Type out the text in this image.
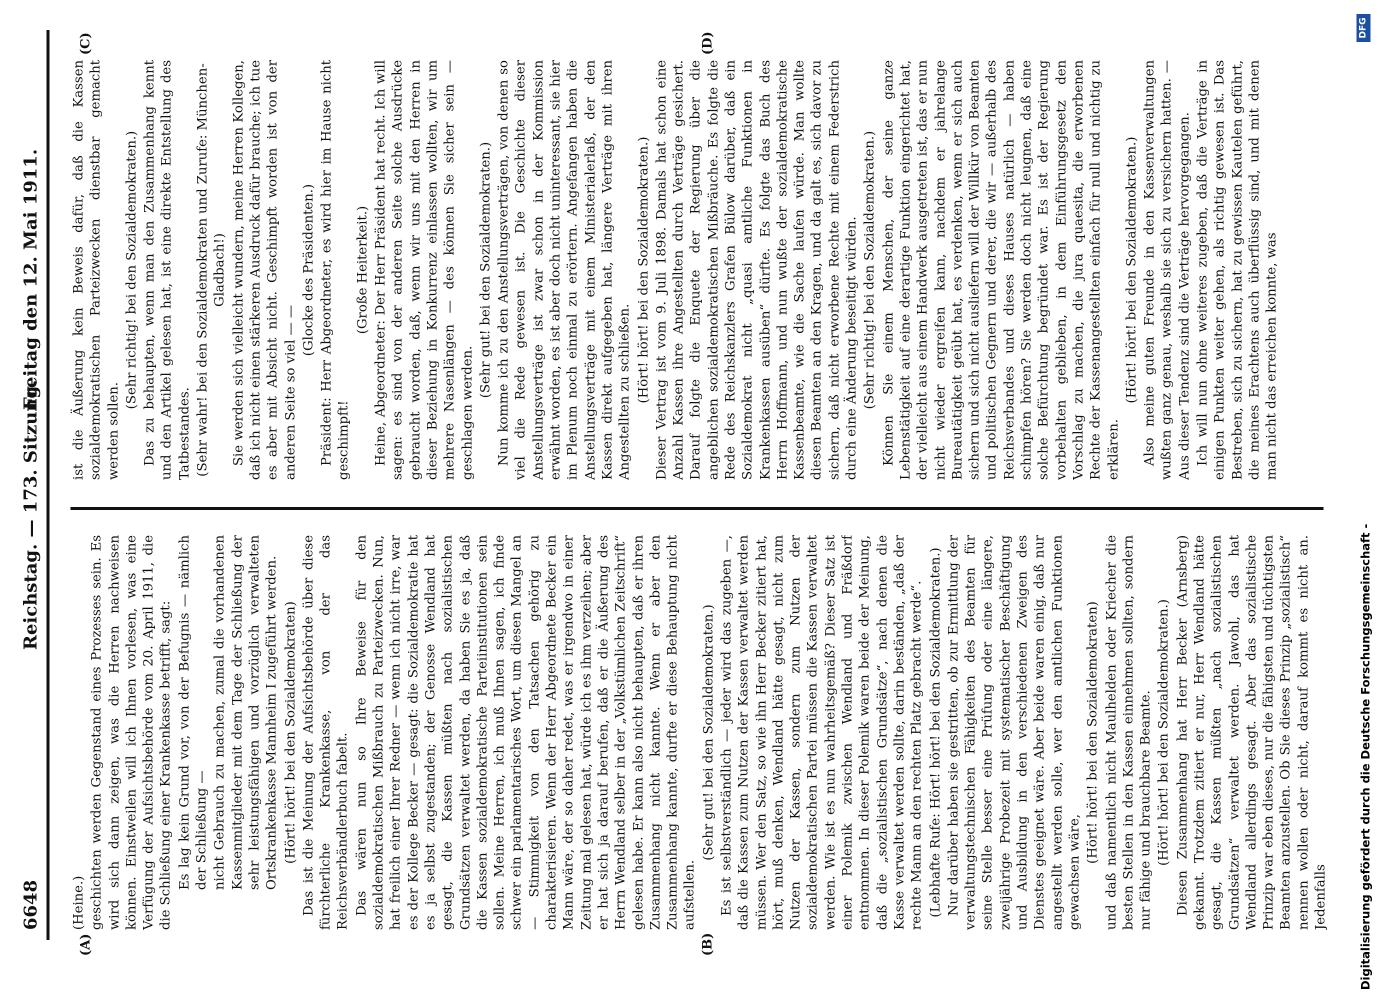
6648
Reichstag. — 173. Sitzung.
Freitag den 12. Mai 1911.
(A)	(B)
(C)	(D)

(Heine.) geschichten werden Gegenstand eines Prozesses sein. Es wird sich dann zeigen, was die Herren nachweisen können. Einstweilen will ich Ihnen vorlesen, was eine Verfügung der Aufsichtsbehörde vom 20. April 1911, die die Schließung einer Krankenkasse betrifft, sagt: Es lag kein Grund vor, von der Befugnis — nämlich der Schließung — nicht Gebrauch zu machen, zumal die vorhandenen Kassenmitglieder mit dem Tage der Schließung der sehr leistungsfähigen und vorzüglich verwalteten Ortskrankenkasse Mannheim I zugeführt werden. (Hört! hört! bei den Sozialdemokraten) Das ist die Meinung der Aufsichtsbehörde über diese fürchterliche Krankenkasse, von der das Reichsverbändlerbuch fabelt. Das wären nun so Ihre Beweise für den sozialdemokratischen Mißbrauch zu Parteizwecken. Nun, hat freilich einer Ihrer Redner — wenn ich nicht irre, war es der Kollege Becker — gesagt: die Sozialdemokratie hat es ja selbst zugestanden; der Genosse Wendland hat gesagt, die Kassen müßten nach sozialistischen Grundsätzen verwaltet werden, da haben Sie es ja, daß die Kassen sozialdemokratische Parteiinstitutionen sein sollen. Meine Herren, ich muß Ihnen sagen, ich finde schwer ein parlamentarisches Wort, um diesen Mangel an — Stimmigkeit von den Tatsachen gehörig zu charakterisieren. Wenn der Herr Abgeordnete Becker ein Mann wäre, der so daher redet, was er irgendwo in einer Zeitung mal gelesen hat, würde ich es ihm verzeihen; aber er hat sich ja darauf berufen, daß er die Äußerung des Herrn Wendland selber in der „Volkstümlichen Zeitschrift“ gelesen habe. Er kann also nicht behaupten, daß er ihren Zusammenhang nicht kannte. Wenn er aber den Zusammenhang kannte, durfte er diese Behauptung nicht aufstellen.

(Sehr gut! bei den Sozialdemokraten.) Es ist selbstverständlich — jeder wird das zugeben —, daß die Kassen zum Nutzen der Kassen verwaltet werden müssen. Wer den Satz, so wie ihn Herr Becker zitiert hat, hört, muß denken, Wendland hätte gesagt, nicht zum Nutzen der Kassen, sondern zum Nutzen der sozialdemokratischen Partei müssen die Kassen verwaltet werden. Wie ist es nun wahrheitsgemäß? Dieser Satz ist einer Polemik zwischen Wendland und Fräßdorf entnommen. In dieser Polemik waren beide der Meinung, daß die „sozialistischen Grundsätze“, nach denen die Kasse verwaltet werden sollte, darin beständen, „daß der rechte Mann an den rechten Platz gebracht werde“. (Lebhafte Rufe: Hört! hört! bei den Sozialdemokraten.) Nur darüber haben sie gestritten, ob zur Ermittlung der verwaltungstechnischen Fähigkeiten des Beamten für seine Stelle besser eine Prüfung oder eine längere, zweijährige Probezeit mit systematischer Beschäftigung und Ausbildung in den verschiedenen Zweigen des Dienstes geeignet wäre. Aber beide waren einig, daß nur angestellt werden solle, wer den amtlichen Funktionen gewachsen wäre,

(Hört! hört! bei den Sozialdemokraten) und daß namentlich nicht Maulhelden oder Kriecher die besten Stellen in den Kassen einnehmen sollten, sondern nur fähige und brauchbare Beamte. (Hört! hört! bei den Sozialdemokraten.) Diesen Zusammenhang hat Herr Becker (Arnsberg) gekannt. Trotzdem zitiert er nur, Herr Wendland hätte gesagt, die Kassen müßten „nach sozialistischen Grundsätzen“ verwaltet werden. Jawohl, das hat Wendland allerdings gesagt. Aber das sozialistische Prinzip war eben dieses, nur die fähigsten und tüchtigsten Beamten anzustellen. Ob Sie dieses Prinzip „sozialistisch“ nennen wollen oder nicht, darauf kommt es nicht an. Jedenfalls

ist die Äußerung kein Beweis dafür, daß die Kassen sozialdemokratischen Parteizwecken dienstbar gemacht werden sollen.

(Sehr richtig! bei den Sozialdemokraten.) Das zu behaupten, wenn man den Zusammenhang kennt und den Artikel gelesen hat, ist eine direkte Entstellung des Tatbestandes. (Sehr wahr! bei den Sozialdemokraten und Zurufe: München-Gladbach!) Sie werden sich vielleicht wundern, meine Herren Kollegen, daß ich nicht einen stärkeren Ausdruck dafür brauche; ich tue es aber mit Absicht nicht. Geschimpft worden ist von der anderen Seite so viel — —

(Glocke des Präsidenten.) Präsident: Herr Abgeordneter, es wird hier im Hause nicht geschimpft!

(Große Heiterkeit.) Heine, Abgeordneter: Der Herr Präsident hat recht. Ich will sagen: es sind von der anderen Seite solche Ausdrücke gebraucht worden, daß, wenn wir uns mit den Herren in dieser Beziehung in Konkurrenz einlassen wollten, wir um mehrere Nasenlängen — des können Sie sicher sein — geschlagen werden.

(Sehr gut! bei den Sozialdemokraten.) Nun komme ich zu den Anstellungsverträgen, von denen so viel die Rede gewesen ist. Die Geschichte dieser Anstellungsverträge ist zwar schon in der Kommission erwähnt worden, es ist aber doch nicht uninteressant, sie hier im Plenum noch einmal zu erörtern. Angefangen haben die Anstellungsverträge mit einem Ministerialerlaß, der den Kassen direkt aufgegeben hat, längere Verträge mit ihren Angestellten zu schließen. (Hört! hört! bei den Sozialdemokraten.) Dieser Vertrag ist vom 9. Juli 1898. Damals hat schon eine Anzahl Kassen ihre Angestellten durch Verträge gesichert. Darauf folgte die Enquete der Regierung über die angeblichen sozialdemokratischen Mißbräuche. Es folgte die Rede des Reichskanzlers Grafen Bülow darüber, daß ein Sozialdemokrat nicht „quasi amtliche Funktionen in Krankenkassen ausüben“ dürfte. Es folgte das Buch des Herrn Hoffmann, und nun wußte der sozialdemokratische Kassenbeamte, wie die Sache laufen würde. Man wollte diesen Beamten an den Kragen, und da galt es, sich davor zu sichern, daß nicht erworbene Rechte mit einem Federstrich durch eine Änderung beseitigt würden. (Sehr richtig! bei den Sozialdemokraten.) Können Sie einem Menschen, der seine ganze Lebenstätigkeit auf eine derartige Funktion eingerichtet hat, der vielleicht aus einem Handwerk ausgetreten ist, das er nun nicht wieder ergreifen kann, nachdem er jahrelange Bureautätigkeit geübt hat, es verdenken, wenn er sich auch sichern und sich nicht ausliefern will der Willkür von Beamten und politischen Gegnern und derer, die wir — außerhalb des Reichsverbandes und dieses Hauses natürlich — haben schimpfen hören? Sie werden doch nicht leugnen, daß eine solche Befürchtung begründet war. Es ist der Regierung vorbehalten geblieben, in dem Einführungsgesetz den Vorschlag zu machen, die jura quaesita, die erworbenen Rechte der Kassenangestellten einfach für null und nichtig zu erklären.

(Hört! hört! bei den Sozialdemokraten.) Also meine guten Freunde in den Kassenverwaltungen wußten ganz genau, weshalb sie sich zu versichern hatten. — Aus dieser Tendenz sind die Verträge hervorgegangen. Ich will nun ohne weiteres zugeben, daß die Verträge in einigen Punkten weiter gehen, als richtig gewesen ist. Das Bestreben, sich zu sichern, hat zu gewissen Kautelen geführt, die meines Erachtens auch überflüssig sind, und mit denen man nicht das erreichen konnte, was

Digitalisierung gefördert durch die Deutsche Forschungsgemeinschaft -
DFG
